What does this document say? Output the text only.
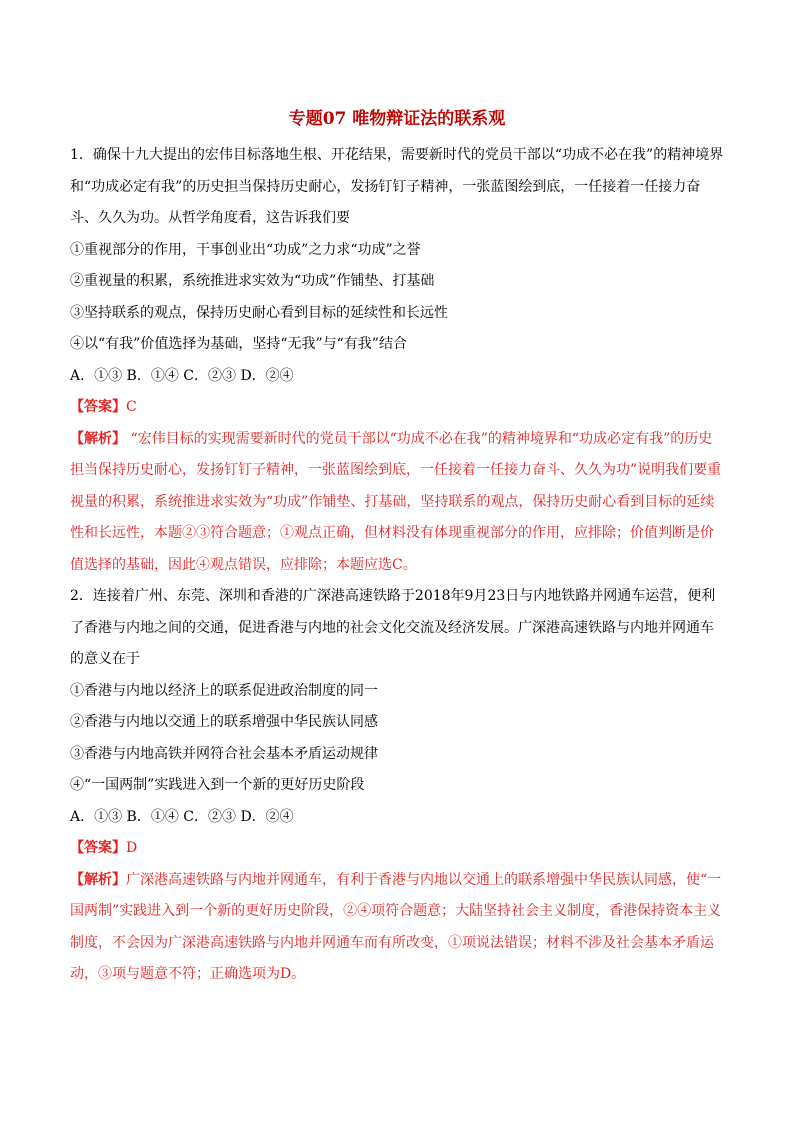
专题07 唯物辩证法的联系观

1．确保十九大提出的宏伟目标落地生根、开花结果，需要新时代的党员干部以“功成不必在我”的精神境界和“功成必定有我”的历史担当保持历史耐心，发扬钉钉子精神，一张蓝图绘到底，一任接着一任接力奋斗、久久为功。从哲学角度看，这告诉我们要

①重视部分的作用，干事创业出“功成”之力求“功成”之誉

②重视量的积累，系统推进求实效为“功成”作铺垫、打基础

③坚持联系的观点，保持历史耐心看到目标的延续性和长远性

④以“有我”价值选择为基础，坚持“无我”与“有我”结合

A．①③ B．①④ C．②③ D．②④

【答案】C

【解析】 “宏伟目标的实现需要新时代的党员干部以“功成不必在我”的精神境界和“功成必定有我”的历史担当保持历史耐心，发扬钉钉子精神，一张蓝图绘到底，一任接着一任接力奋斗、久久为功”说明我们要重视量的积累，系统推进求实效为“功成”作铺垫、打基础，坚持联系的观点，保持历史耐心看到目标的延续性和长远性，本题②③符合题意；①观点正确，但材料没有体现重视部分的作用，应排除；价值判断是价值选择的基础，因此④观点错误，应排除；本题应选C。

2．连接着广州、东莞、深圳和香港的广深港高速铁路于2018年9月23日与内地铁路并网通车运营，便利了香港与内地之间的交通，促进香港与内地的社会文化交流及经济发展。广深港高速铁路与内地并网通车的意义在于

①香港与内地以经济上的联系促进政治制度的同一

②香港与内地以交通上的联系增强中华民族认同感

③香港与内地高铁并网符合社会基本矛盾运动规律

④“一国两制”实践进入到一个新的更好历史阶段

A．①③ B．①④ C．②③ D．②④

【答案】D

【解析】广深港高速铁路与内地并网通车，有利于香港与内地以交通上的联系增强中华民族认同感，使“一国两制”实践进入到一个新的更好历史阶段，②④项符合题意；大陆坚持社会主义制度，香港保持资本主义制度，不会因为广深港高速铁路与内地并网通车而有所改变，①项说法错误；材料不涉及社会基本矛盾运动，③项与题意不符；正确选项为D。
